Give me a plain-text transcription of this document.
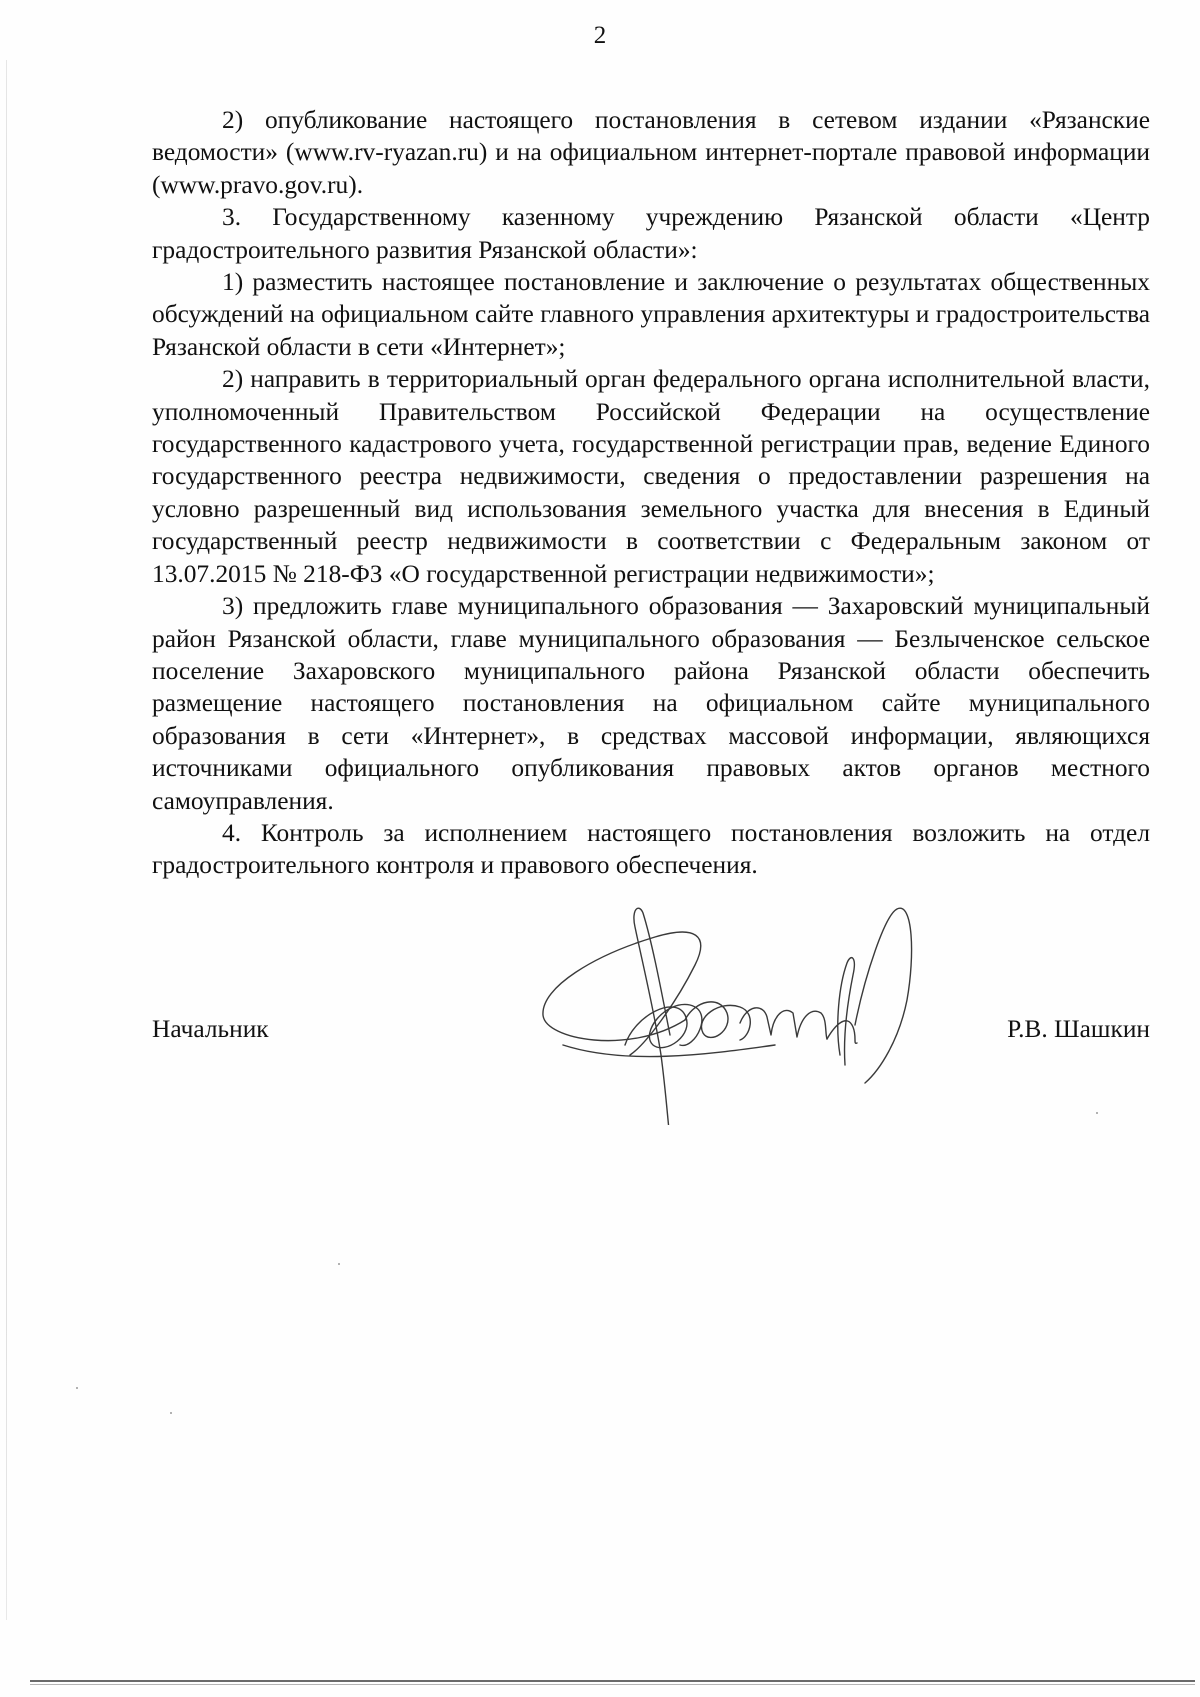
2

2) опубликование настоящего постановления в сетевом издании «Рязанские ведомости» (www.rv-ryazan.ru) и на официальном интернет-портале правовой информации (www.pravo.gov.ru).

3. Государственному казенному учреждению Рязанской области «Центр градостроительного развития Рязанской области»:

1) разместить настоящее постановление и заключение о результатах общественных обсуждений на официальном сайте главного управления архитектуры и градостроительства Рязанской области в сети «Интернет»;

2) направить в территориальный орган федерального органа исполнительной власти, уполномоченный Правительством Российской Федерации на осуществление государственного кадастрового учета, государственной регистрации прав, ведение Единого государственного реестра недвижимости, сведения о предоставлении разрешения на условно разрешенный вид использования земельного участка для внесения в Единый государственный реестр недвижимости в соответствии с Федеральным законом от 13.07.2015 № 218-ФЗ «О государственной регистрации недвижимости»;

3) предложить главе муниципального образования — Захаровский муниципальный район Рязанской области, главе муниципального образования — Безлыченское сельское поселение Захаровского муниципального района Рязанской области обеспечить размещение настоящего постановления на официальном сайте муниципального образования в сети «Интернет», в средствах массовой информации, являющихся источниками официального опубликования правовых актов органов местного самоуправления.

4. Контроль за исполнением настоящего постановления возложить на отдел градостроительного контроля и правового обеспечения.

Начальник	Р.В. Шашкин
